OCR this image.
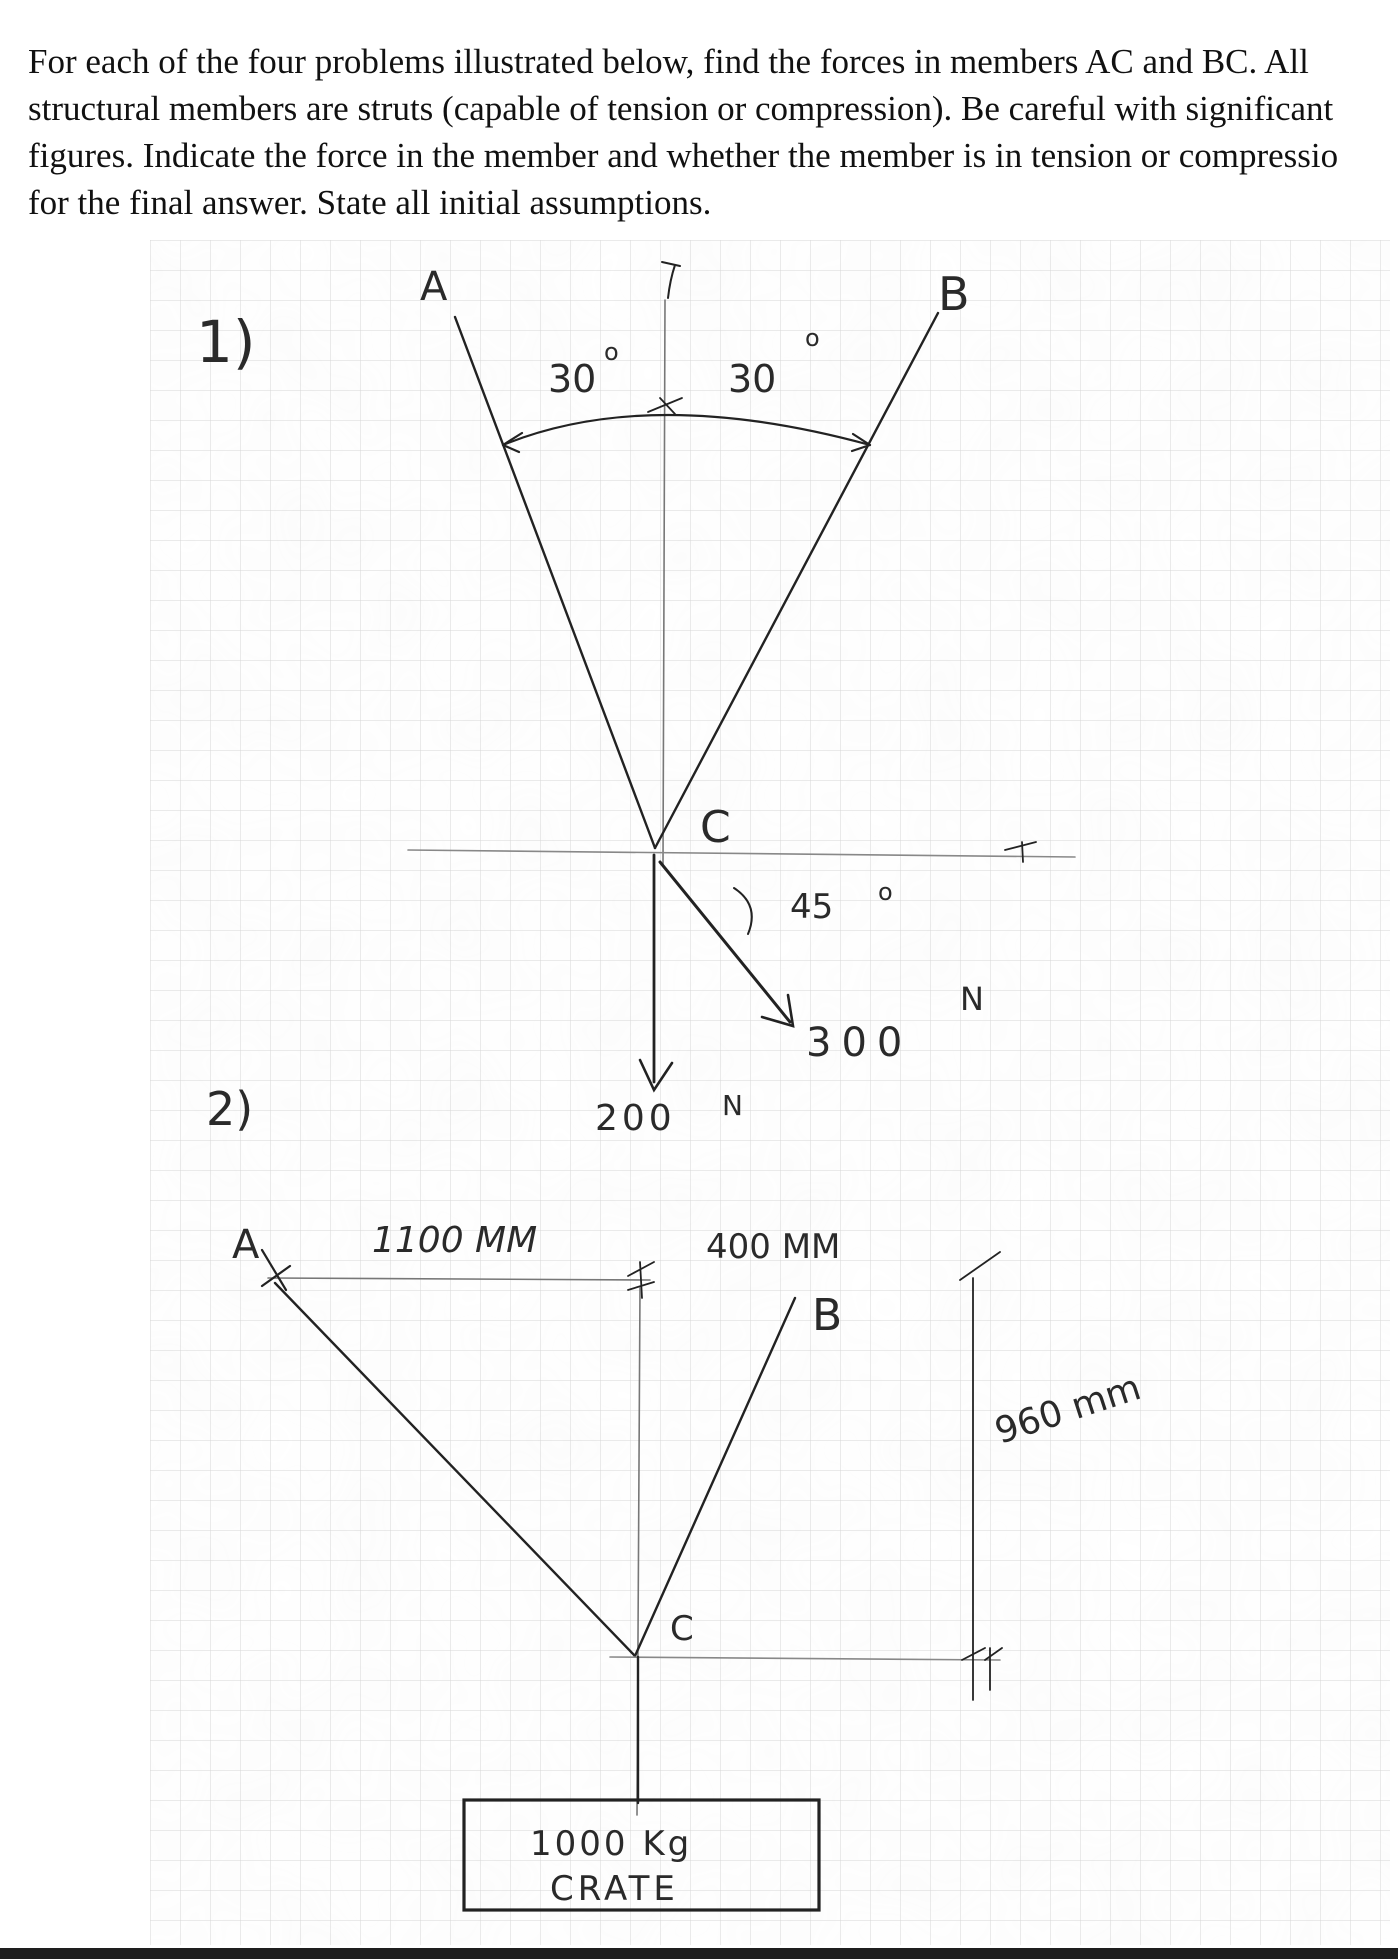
For each of the four problems illustrated below, find the forces in members AC and BC. All
structural members are struts (capable of tension or compression). Be careful with significant
figures. Indicate the force in the member and whether the member is in tension or compressio
for the final answer. State all initial assumptions.
1)
A	B
C
30
o
30
o
45 o
300
N
200 N
2)
A
B
C
1100 MM	400 MM
960 mm
1000 Kg
CRATE
